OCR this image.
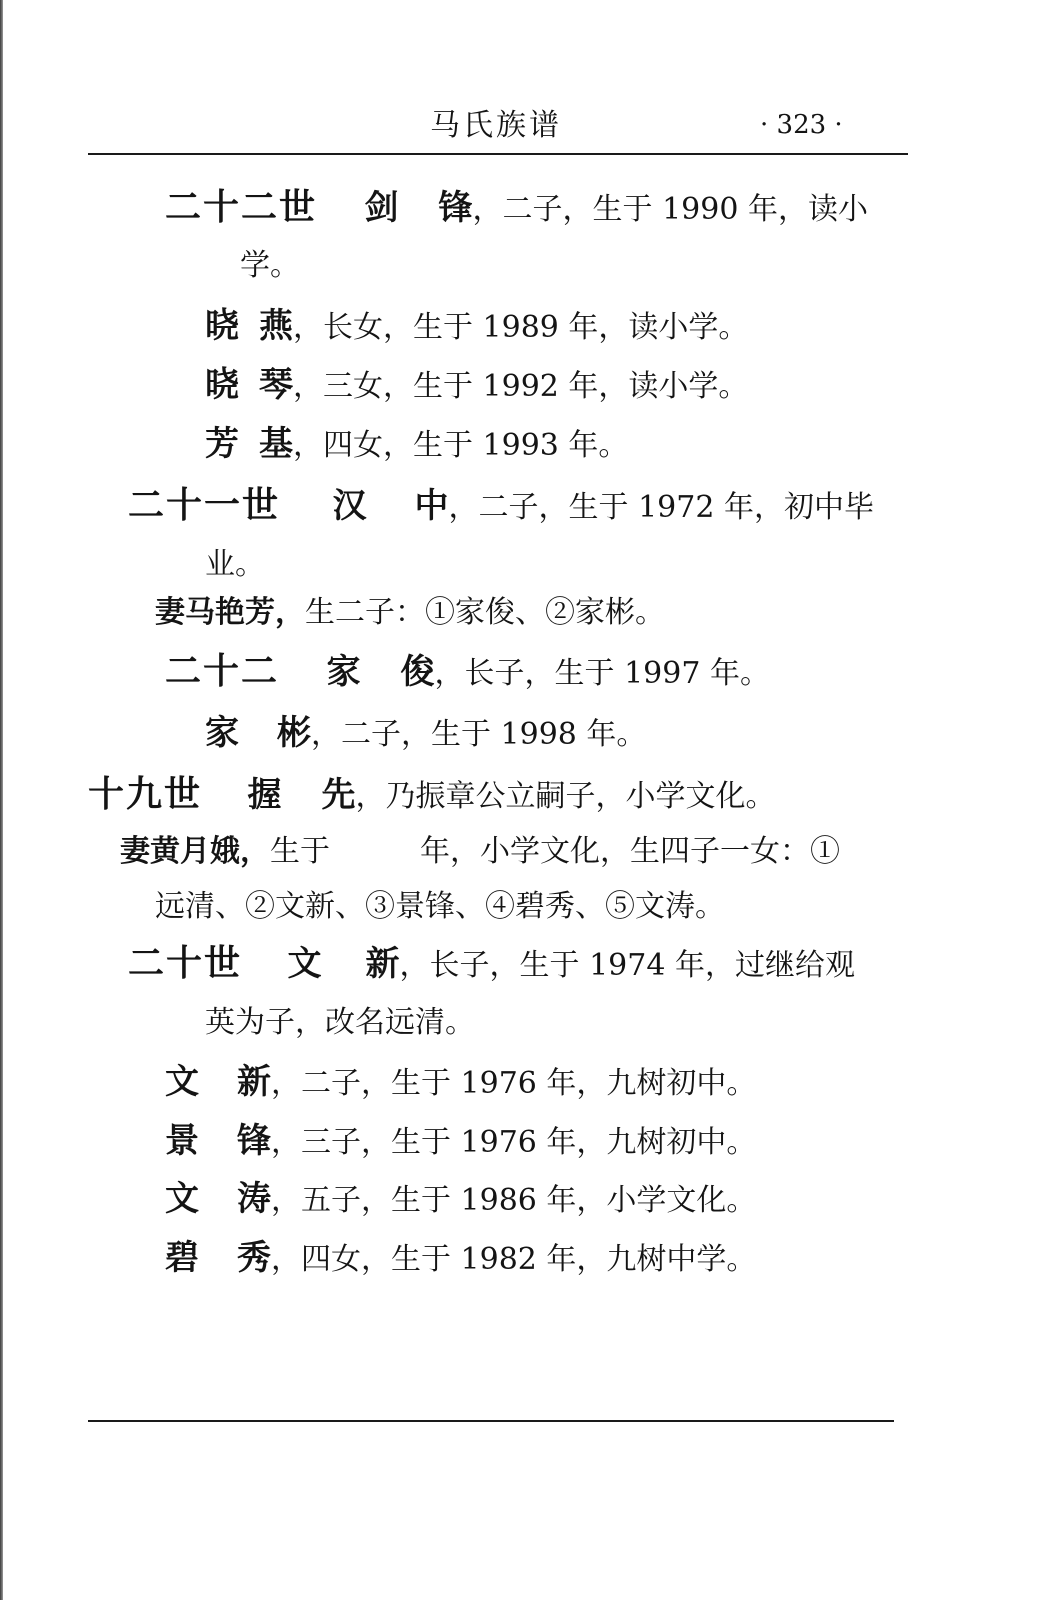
马氏族谱	· 323 ·
二十二世 剑锋，二子，生于 1990 年，读小
学。
晓燕，长女，生于 1989 年，读小学。
晓琴，三女，生于 1992 年，读小学。
芳基，四女，生于 1993 年。
二十一世 汉中，二子，生于 1972 年，初中毕
业。
妻马艳芳，生二子：①家俊、②家彬。
二十二 家俊，长子，生于 1997 年。
家彬，二子，生于 1998 年。
十九世 握先，乃振章公立嗣子，小学文化。
妻黄月娥，生于	年，小学文化，生四子一女：①
远清、②文新、③景锋、④碧秀、⑤文涛。
二十世 文新，长子，生于 1974 年，过继给观
英为子，改名远清。
文新，二子，生于 1976 年，九树初中。
景锋，三子，生于 1976 年，九树初中。
文涛，五子，生于 1986 年，小学文化。
碧秀，四女，生于 1982 年，九树中学。
